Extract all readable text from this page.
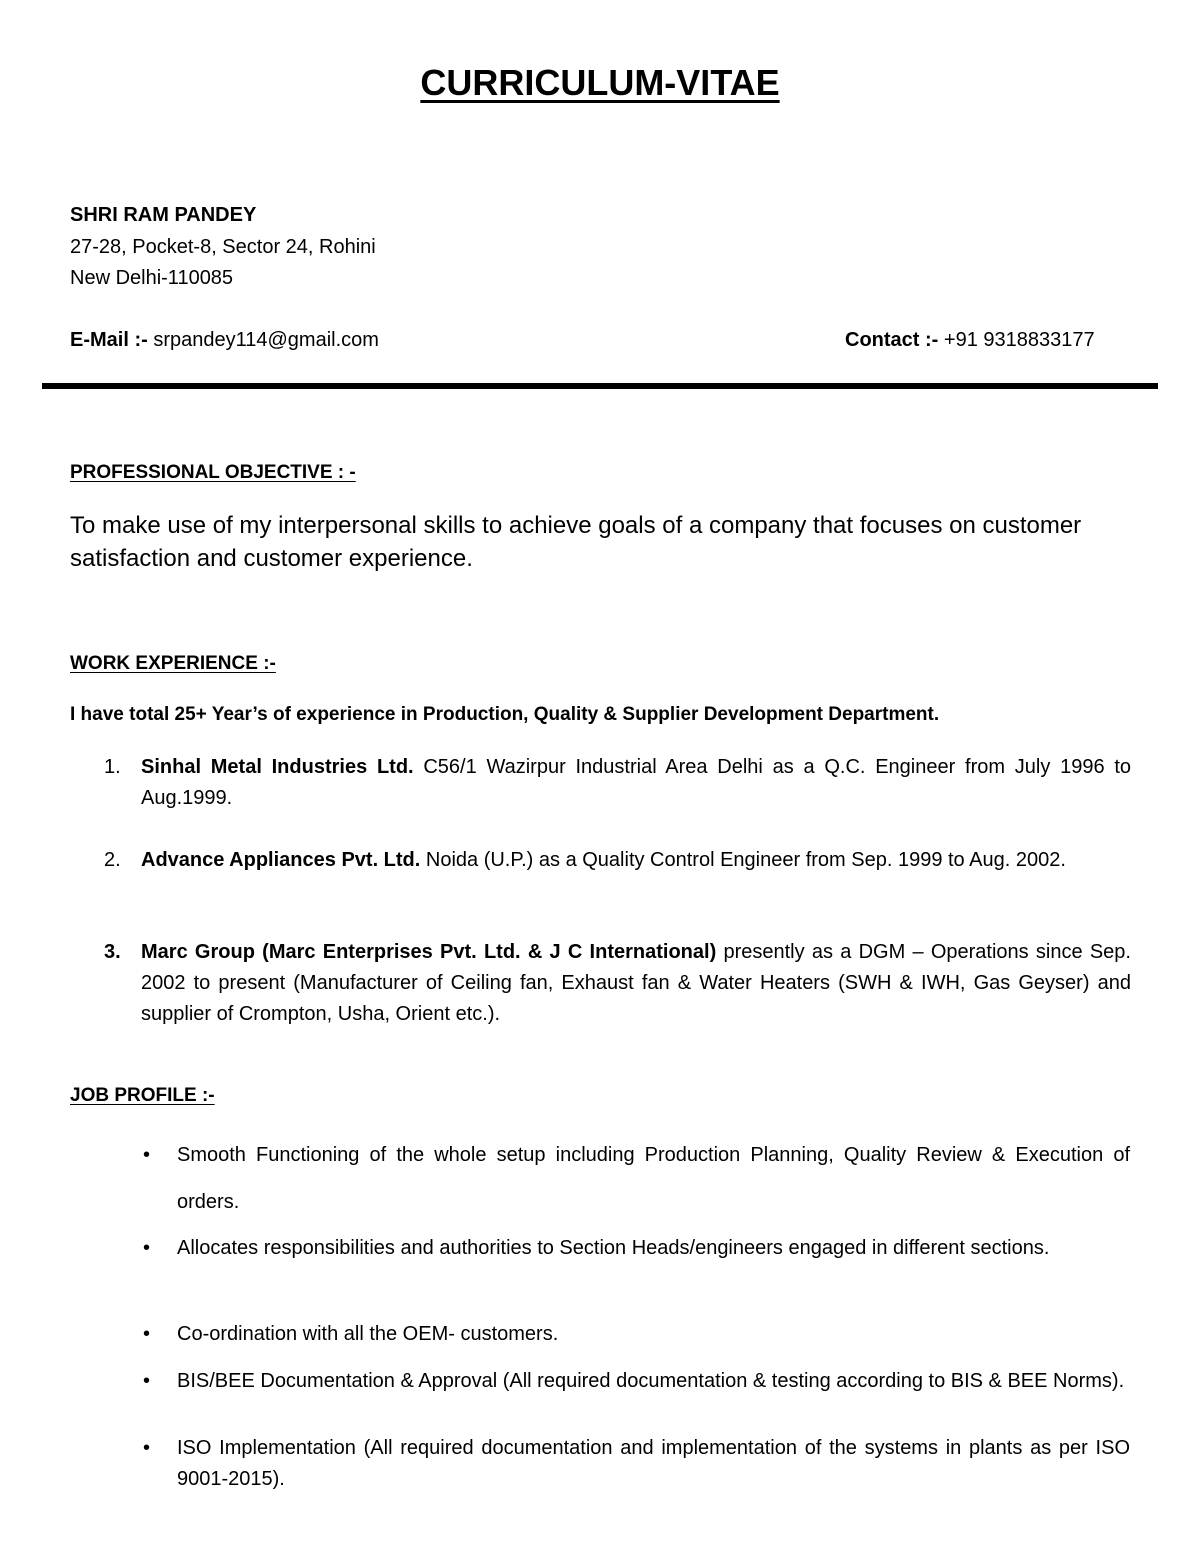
CURRICULUM-VITAE
SHRI RAM PANDEY
27-28, Pocket-8, Sector 24, Rohini
New Delhi-110085
E-Mail :- srpandey114@gmail.com	Contact :- +91 9318833177
PROFESSIONAL OBJECTIVE : -
To make use of my interpersonal skills to achieve goals of a company that focuses on customer satisfaction and customer experience.
WORK EXPERIENCE :-
I have total 25+ Year’s of experience in Production, Quality & Supplier Development Department.
1. Sinhal Metal Industries Ltd. C56/1 Wazirpur Industrial Area Delhi as a Q.C. Engineer from July 1996 to Aug.1999.
2. Advance Appliances Pvt. Ltd. Noida (U.P.) as a Quality Control Engineer from Sep. 1999 to Aug. 2002.
3. Marc Group (Marc Enterprises Pvt. Ltd. & J C International) presently as a DGM – Operations since Sep. 2002 to present (Manufacturer of Ceiling fan, Exhaust fan & Water Heaters (SWH & IWH, Gas Geyser) and supplier of Crompton, Usha, Orient etc.).
JOB PROFILE :-
• Smooth Functioning of the whole setup including Production Planning, Quality Review & Execution of orders.
• Allocates responsibilities and authorities to Section Heads/engineers engaged in different sections.
• Co-ordination with all the OEM- customers.
• BIS/BEE Documentation & Approval (All required documentation & testing according to BIS & BEE Norms).
• ISO Implementation (All required documentation and implementation of the systems in plants as per ISO 9001-2015).
